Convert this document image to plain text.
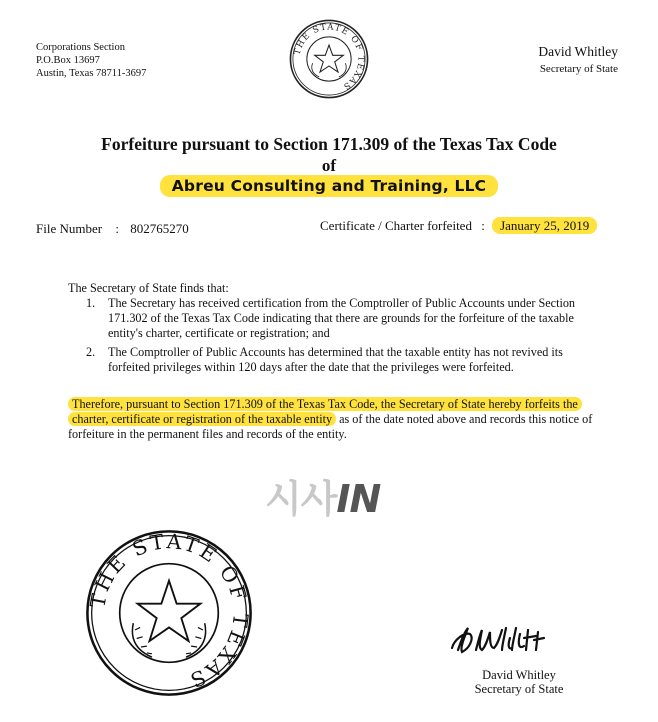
Corporations Section
P.O.Box 13697
Austin, Texas 78711-3697
THE STATE OF TEXAS
David Whitley
Secretary of State
Forfeiture pursuant to Section 171.309 of the Texas Tax Code
of
Abreu Consulting and Training, LLC
File Number : 802765270	Certificate / Charter forfeited : January 25, 2019
The Secretary of State finds that:
1. The Secretary has received certification from the Comptroller of Public Accounts under Section 171.302 of the Texas Tax Code indicating that there are grounds for the forfeiture of the taxable entity's charter, certificate or registration; and
2. The Comptroller of Public Accounts has determined that the taxable entity has not revived its forfeited privileges within 120 days after the date that the privileges were forfeited.
Therefore, pursuant to Section 171.309 of the Texas Tax Code, the Secretary of State hereby forfeits the charter, certificate or registration of the taxable entity as of the date noted above and records this notice of forfeiture in the permanent files and records of the entity.
시사IN
THE STATE OF TEXAS	David Whitley
Secretary of State
